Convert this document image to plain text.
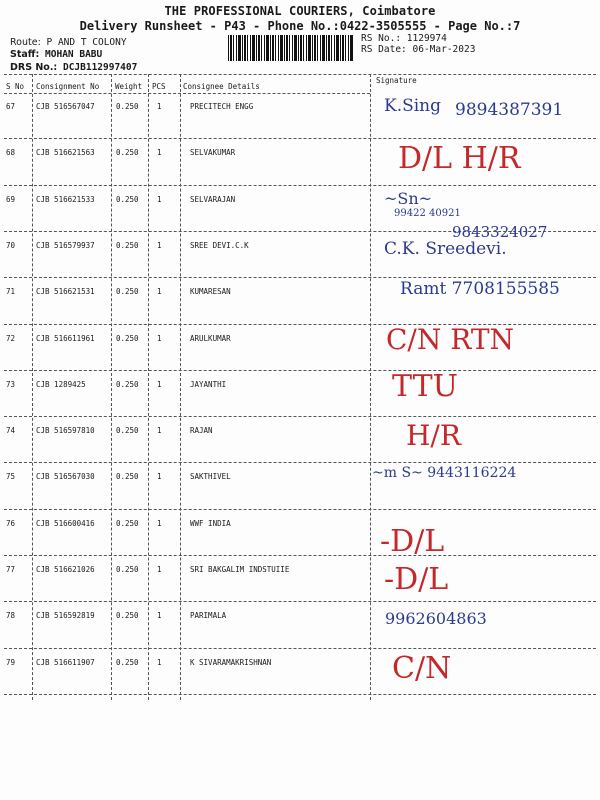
THE PROFESSIONAL COURIERS, Coimbatore
Delivery Runsheet - P43 - Phone No.:0422-3505555 - Page No.:7
Route: P AND T COLONY
Staff: MOHAN BABU
DRS No.: DCJB112997407
RS No.: 1129974
RS Date: 06-Mar-2023
S No Consignment No Weight PCS Consignee Details
Signature
67	CJB 516567047	0.250 1	PRECITECH ENGG	K.Sing 9894387391
68	CJB 516621563	0.250 1	SELVAKUMAR	D/L H/R
69	CJB 516621533	0.250 1	SELVARAJAN	~Sn~
99422 40921
70	CJB 516579937	0.250 1	SREE DEVI.C.K
9843324027
C.K. Sreedevi.
71	CJB 516621531	0.250 1	KUMARESAN	Ramt 7708155585
72	CJB 516611961	0.250 1	ARULKUMAR	C/N RTN
73	CJB 1289425	0.250 1	JAYANTHI	TTU
74	CJB 516597810	0.250 1	RAJAN	H/R
75	CJB 516567030	0.250 1	SAKTHIVEL	~m S~ 9443116224
76	CJB 516600416	0.250 1	WWF INDIA
-D/L
77	CJB 516621026	0.250 1	SRI BAKGALIM INDSTUIIE	-D/L
78	CJB 516592819	0.250 1	PARIMALA	9962604863
79	CJB 516611907	0.250 1	K SIVARAMAKRISHNAN	C/N
